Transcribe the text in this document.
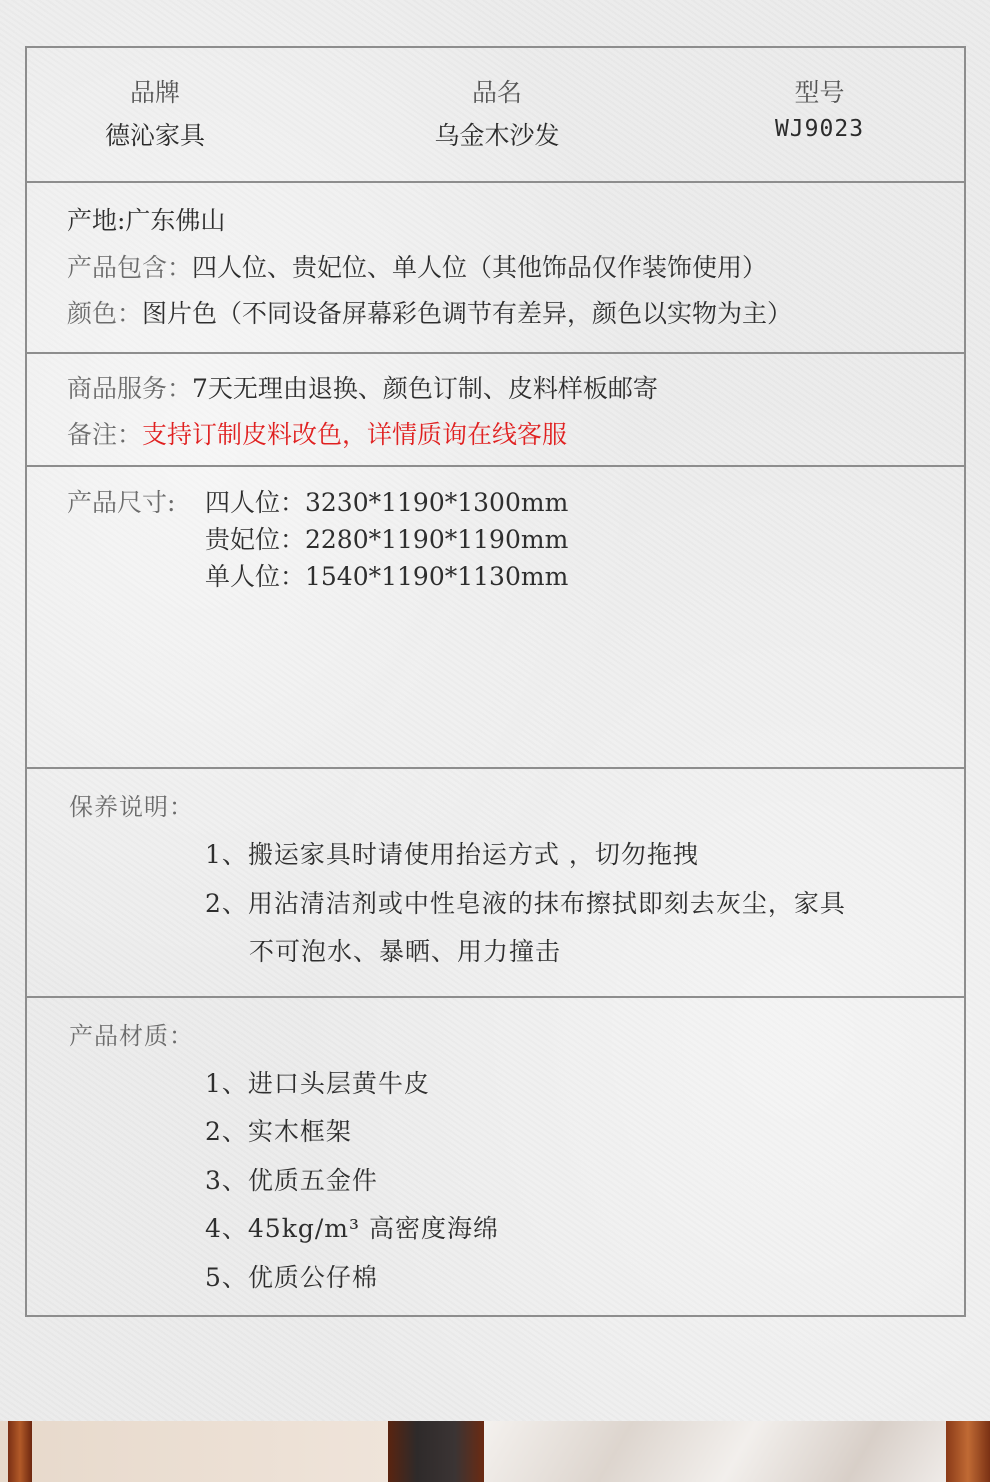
品牌
德沁家具
品名
乌金木沙发
型号
WJ9023
产地:广东佛山
产品包含：四人位、贵妃位、单人位（其他饰品仅作装饰使用）
颜色：图片色（不同设备屏幕彩色调节有差异，颜色以实物为主）
商品服务：7天无理由退换、颜色订制、皮料样板邮寄
备注：支持订制皮料改色，详情质询在线客服
产品尺寸: 四人位：3230*1190*1300mm
贵妃位：2280*1190*1190mm
单人位：1540*1190*1130mm
保养说明：
1、搬运家具时请使用抬运方式 ，切勿拖拽
2、用沾清洁剂或中性皂液的抹布擦拭即刻去灰尘，家具
不可泡水、暴晒、用力撞击
产品材质：
1、进口头层黄牛皮
2、实木框架
3、优质五金件
4、45kg/m³ 高密度海绵
5、优质公仔棉
